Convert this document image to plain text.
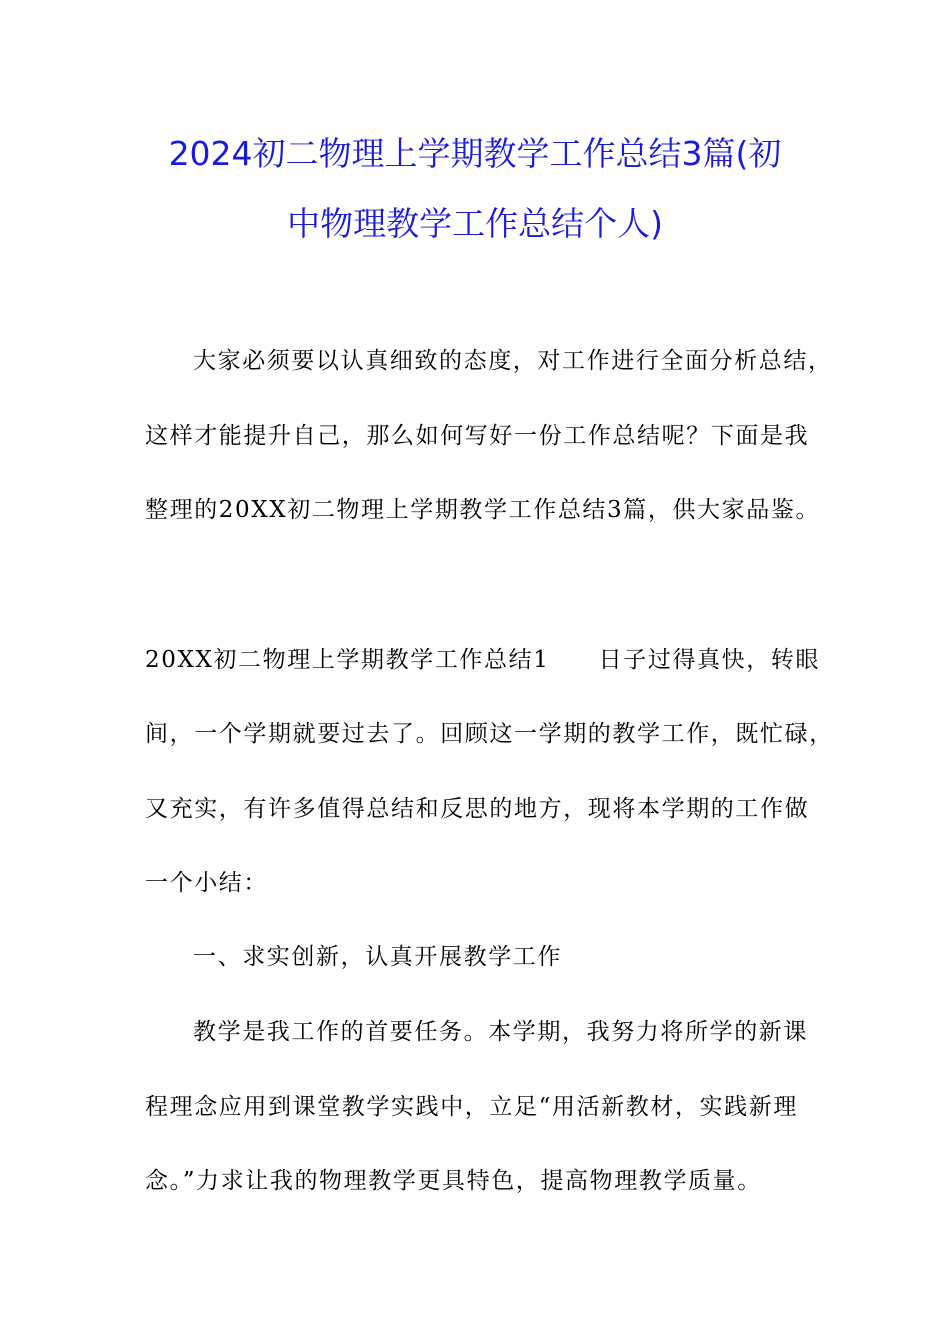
2024初二物理上学期教学工作总结3篇(初
中物理教学工作总结个人)
大家必须要以认真细致的态度，对工作进行全面分析总结，
这样才能提升自己，那么如何写好一份工作总结呢？下面是我
整理的20XX初二物理上学期教学工作总结3篇，供大家品鉴。
20XX初二物理上学期教学工作总结1　　日子过得真快，转眼
间，一个学期就要过去了。回顾这一学期的教学工作，既忙碌，
又充实，有许多值得总结和反思的地方，现将本学期的工作做
一个小结：
一、求实创新，认真开展教学工作
教学是我工作的首要任务。本学期，我努力将所学的新课
程理念应用到课堂教学实践中，立足“用活新教材，实践新理
念。”力求让我的物理教学更具特色，提高物理教学质量。
